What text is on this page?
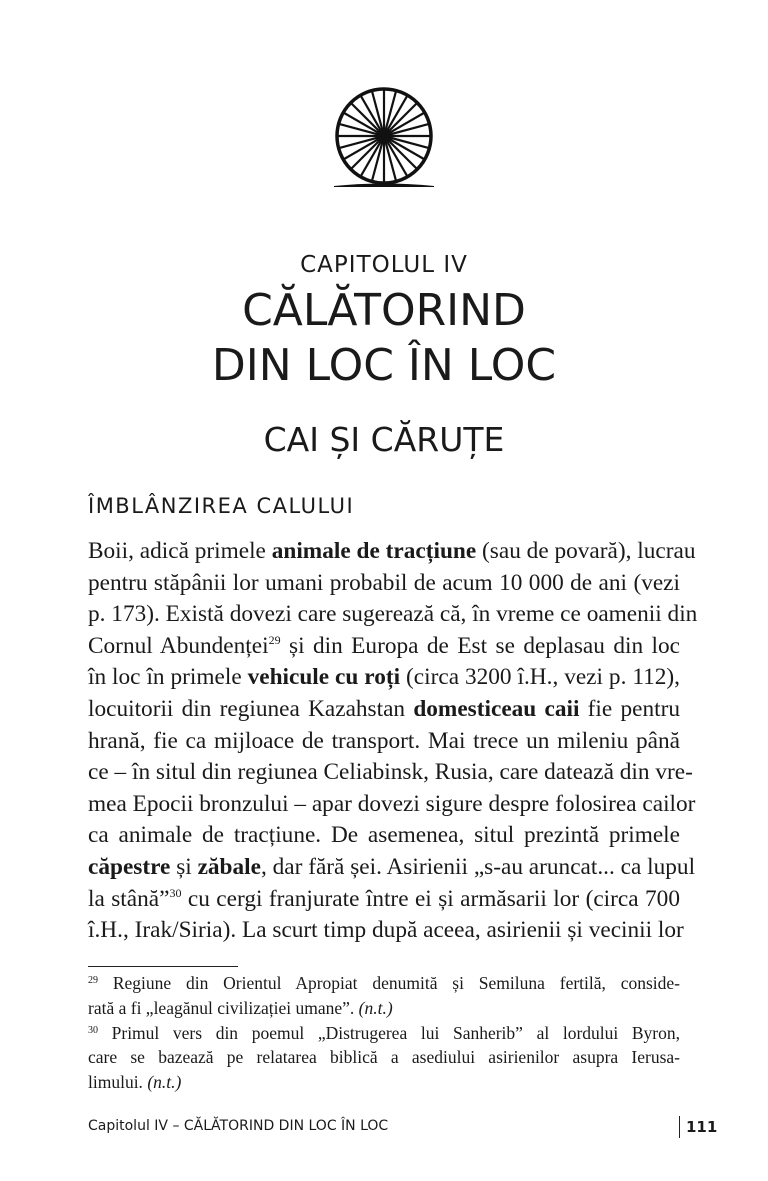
CAPITOLUL IV
CĂLĂTORIND
DIN LOC ÎN LOC
CAI ȘI CĂRUȚE
ÎMBLÂNZIREA CALULUI
Boii, adică primele animale de tracțiune (sau de povară), lucrau
pentru stăpânii lor umani probabil de acum 10 000 de ani (vezi
p. 173). Există dovezi care sugerează că, în vreme ce oamenii din
Cornul Abundenței$^{29}$ și din Europa de Est se deplasau din loc
în loc în primele vehicule cu roți (circa 3200 î.H., vezi p. 112),
locuitorii din regiunea Kazahstan domesticeau caii fie pentru
hrană, fie ca mijloace de transport. Mai trece un mileniu până
ce – în situl din regiunea Celiabinsk, Rusia, care datează din vre-
mea Epocii bronzului – apar dovezi sigure despre folosirea cailor
ca animale de tracțiune. De asemenea, situl prezintă primele
căpestre și zăbale, dar fără șei. Asirienii „s-au aruncat... ca lupul
la stână”$^{30}$ cu cergi franjurate între ei și armăsarii lor (circa 700
î.H., Irak/Siria). La scurt timp după aceea, asirienii și vecinii lor
$^{29}$ Regiune din Orientul Apropiat denumită și Semiluna fertilă, conside-
rată a fi „leagănul civilizației umane”. (n.t.)
$^{30}$ Primul vers din poemul „Distrugerea lui Sanherib” al lordului Byron,
care se bazează pe relatarea biblică a asediului asirienilor asupra Ierusa-
limului. (n.t.)
Capitolul IV – CĂLĂTORIND DIN LOC ÎN LOC	111
